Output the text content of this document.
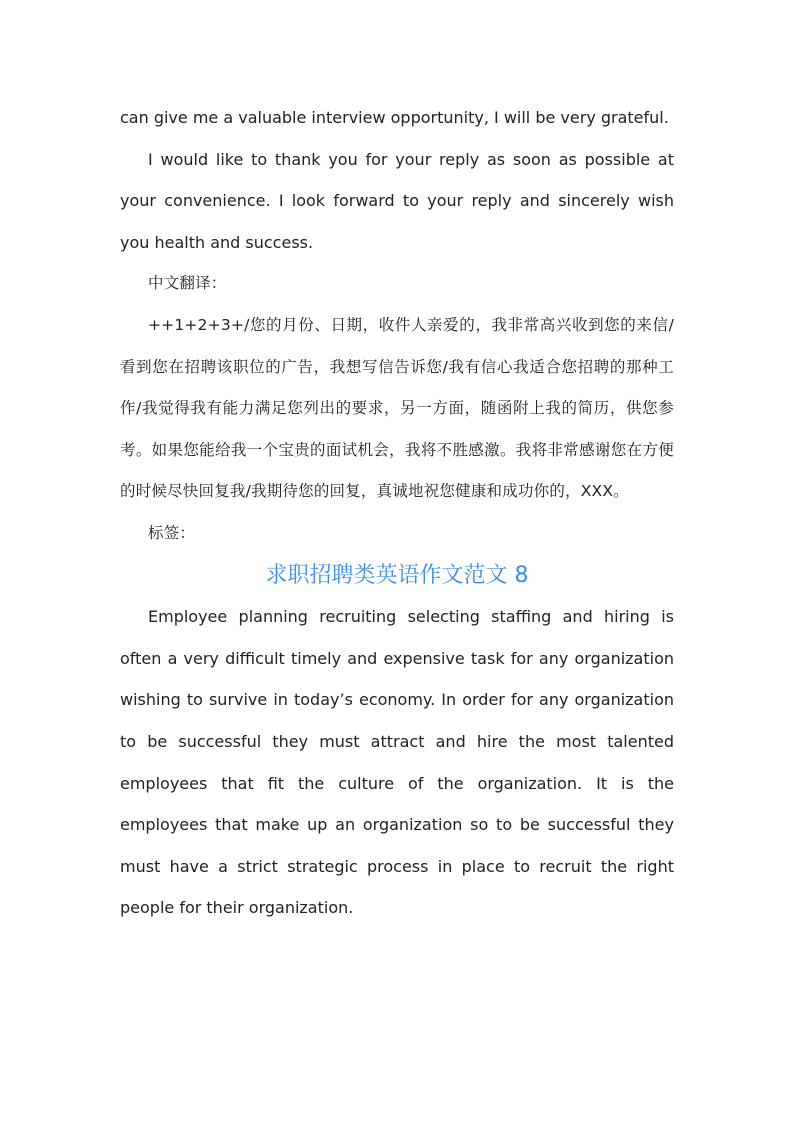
can give me a valuable interview opportunity, I will be very grateful.

I would like to thank you for your reply as soon as possible at your convenience. I look forward to your reply and sincerely wish you health and success.

中文翻译：

++1+2+3+/您的月份、日期，收件人亲爱的，我非常高兴收到您的来信/看到您在招聘该职位的广告，我想写信告诉您/我有信心我适合您招聘的那种工作/我觉得我有能力满足您列出的要求，另一方面，随函附上我的简历，供您参考。如果您能给我一个宝贵的面试机会，我将不胜感激。我将非常感谢您在方便的时候尽快回复我/我期待您的回复，真诚地祝您健康和成功你的，XXX。

标签：

求职招聘类英语作文范文 8

Employee planning recruiting selecting staffing and hiring is often a very difficult timely and expensive task for any organization wishing to survive in today’s economy. In order for any organization to be successful they must attract and hire the most talented employees that fit the culture of the organization. It is the employees that make up an organization so to be successful they must have a strict strategic process in place to recruit the right people for their organization.
